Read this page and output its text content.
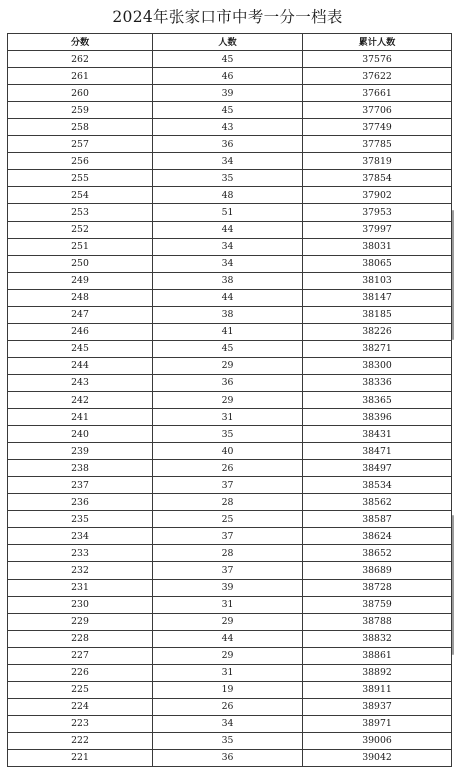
2024年张家口市中考一分一档表
分数	人数	累计人数
262	45	37576
261	46	37622
260	39	37661
259	45	37706
258	43	37749
257	36	37785
256	34	37819
255	35	37854
254	48	37902
253	51	37953
252	44	37997
251	34	38031
250	34	38065
249	38	38103
248	44	38147
247	38	38185
246	41	38226
245	45	38271
244	29	38300
243	36	38336
242	29	38365
241	31	38396
240	35	38431
239	40	38471
238	26	38497
237	37	38534
236	28	38562
235	25	38587
234	37	38624
233	28	38652
232	37	38689
231	39	38728
230	31	38759
229	29	38788
228	44	38832
227	29	38861
226	31	38892
225	19	38911
224	26	38937
223	34	38971
222	35	39006
221	36	39042
